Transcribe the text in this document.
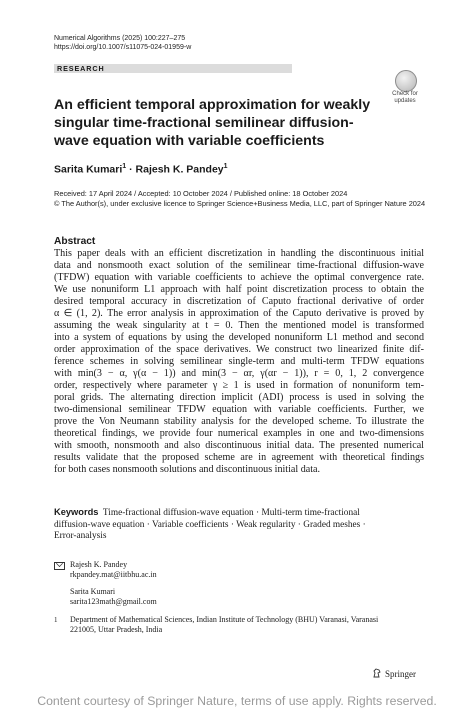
Numerical Algorithms (2025) 100:227–275
https://doi.org/10.1007/s11075-024-01959-w
RESEARCH
Check for updates
An efficient temporal approximation for weakly singular time-fractional semilinear diffusion-wave equation with variable coefficients
Sarita Kumari$^1$ · Rajesh K. Pandey$^1$
Received: 17 April 2024 / Accepted: 10 October 2024 / Published online: 18 October 2024
© The Author(s), under exclusive licence to Springer Science+Business Media, LLC, part of Springer Nature 2024
Abstract
This paper deals with an efficient discretization in handling the discontinuous initial
data and nonsmooth exact solution of the semilinear time-fractional diffusion-wave
(TFDW) equation with variable coefficients to achieve the optimal convergence rate.
We use nonuniform L1 approach with half point discretization process to obtain the
desired temporal accuracy in discretization of Caputo fractional derivative of order
α ∈ (1, 2). The error analysis in approximation of the Caputo derivative is proved by
assuming the weak singularity at t = 0. Then the mentioned model is transformed
into a system of equations by using the developed nonuniform L1 method and second
order approximation of the space derivatives. We construct two linearized finite dif-
ference schemes in solving semilinear single-term and multi-term TFDW equations
with min(3 − α, γ(α − 1)) and min(3 − αr, γ(αr − 1)), r = 0, 1, 2 convergence
order, respectively where parameter γ ≥ 1 is used in formation of nonuniform tem-
poral grids. The alternating direction implicit (ADI) process is used in solving the
two-dimensional semilinear TFDW equation with variable coefficients. Further, we
prove the Von Neumann stability analysis for the developed scheme. To illustrate the
theoretical findings, we provide four numerical examples in one and two-dimensions
with smooth, nonsmooth and also discontinuous initial data. The presented numerical
results validate that the proposed scheme are in agreement with theoretical findings
for both cases nonsmooth solutions and discontinuous initial data.
Keywords Time-fractional diffusion-wave equation · Multi-term time-fractional
diffusion-wave equation · Variable coefficients · Weak regularity · Graded meshes ·
Error-analysis
Rajesh K. Pandey
rkpandey.mat@iitbhu.ac.in
Sarita Kumari
sarita123math@gmail.com
1 Department of Mathematical Sciences, Indian Institute of Technology (BHU) Varanasi, Varanasi
221005, Uttar Pradesh, India
Springer
Content courtesy of Springer Nature, terms of use apply. Rights reserved.
